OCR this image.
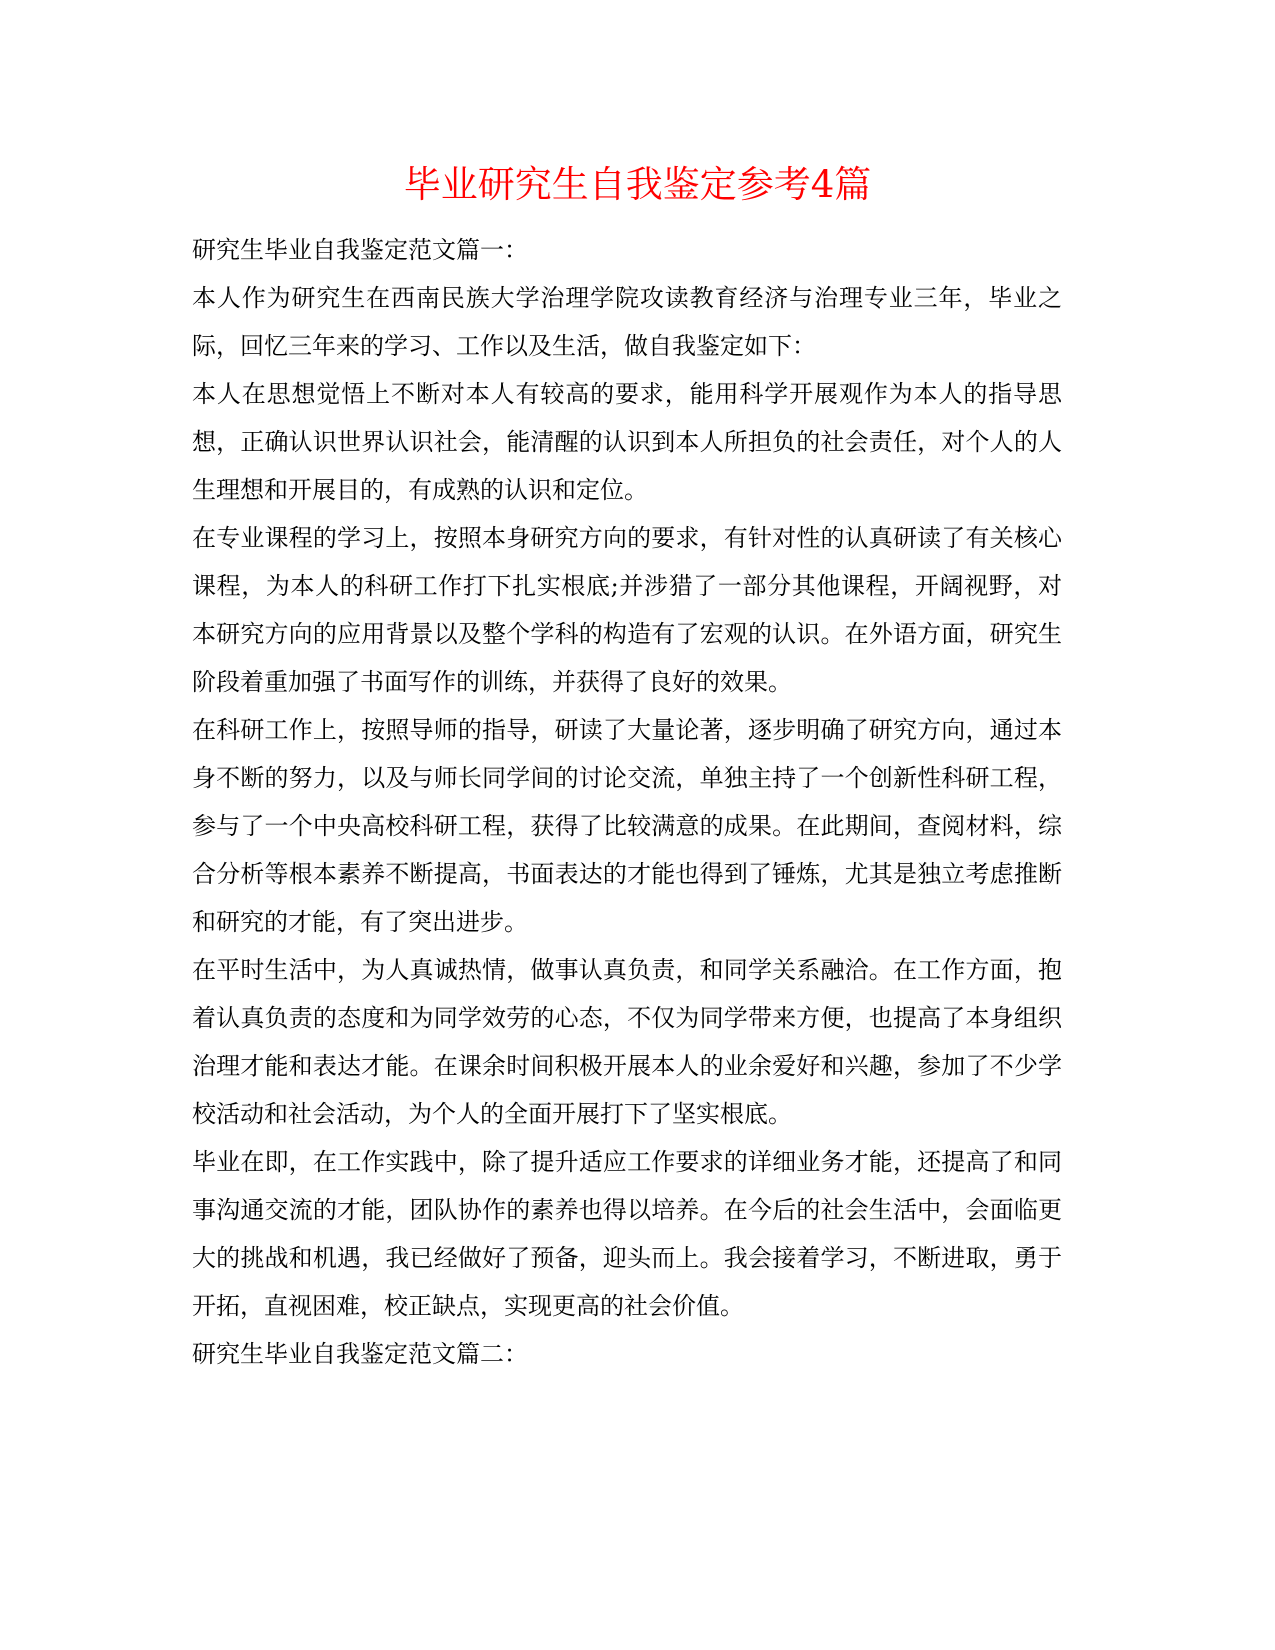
毕业研究生自我鉴定参考4篇

研究生毕业自我鉴定范文篇一：

本人作为研究生在西南民族大学治理学院攻读教育经济与治理专业三年，毕业之际，回忆三年来的学习、工作以及生活，做自我鉴定如下：

本人在思想觉悟上不断对本人有较高的要求，能用科学开展观作为本人的指导思想，正确认识世界认识社会，能清醒的认识到本人所担负的社会责任，对个人的人生理想和开展目的，有成熟的认识和定位。

在专业课程的学习上，按照本身研究方向的要求，有针对性的认真研读了有关核心课程，为本人的科研工作打下扎实根底;并涉猎了一部分其他课程，开阔视野，对本研究方向的应用背景以及整个学科的构造有了宏观的认识。在外语方面，研究生阶段着重加强了书面写作的训练，并获得了良好的效果。

在科研工作上，按照导师的指导，研读了大量论著，逐步明确了研究方向，通过本身不断的努力，以及与师长同学间的讨论交流，单独主持了一个创新性科研工程，参与了一个中央高校科研工程，获得了比较满意的成果。在此期间，查阅材料，综合分析等根本素养不断提高，书面表达的才能也得到了锤炼，尤其是独立考虑推断和研究的才能，有了突出进步。

在平时生活中，为人真诚热情，做事认真负责，和同学关系融洽。在工作方面，抱着认真负责的态度和为同学效劳的心态，不仅为同学带来方便，也提高了本身组织治理才能和表达才能。在课余时间积极开展本人的业余爱好和兴趣，参加了不少学校活动和社会活动，为个人的全面开展打下了坚实根底。

毕业在即，在工作实践中，除了提升适应工作要求的详细业务才能，还提高了和同事沟通交流的才能，团队协作的素养也得以培养。在今后的社会生活中，会面临更大的挑战和机遇，我已经做好了预备，迎头而上。我会接着学习，不断进取，勇于开拓，直视困难，校正缺点，实现更高的社会价值。

研究生毕业自我鉴定范文篇二：
